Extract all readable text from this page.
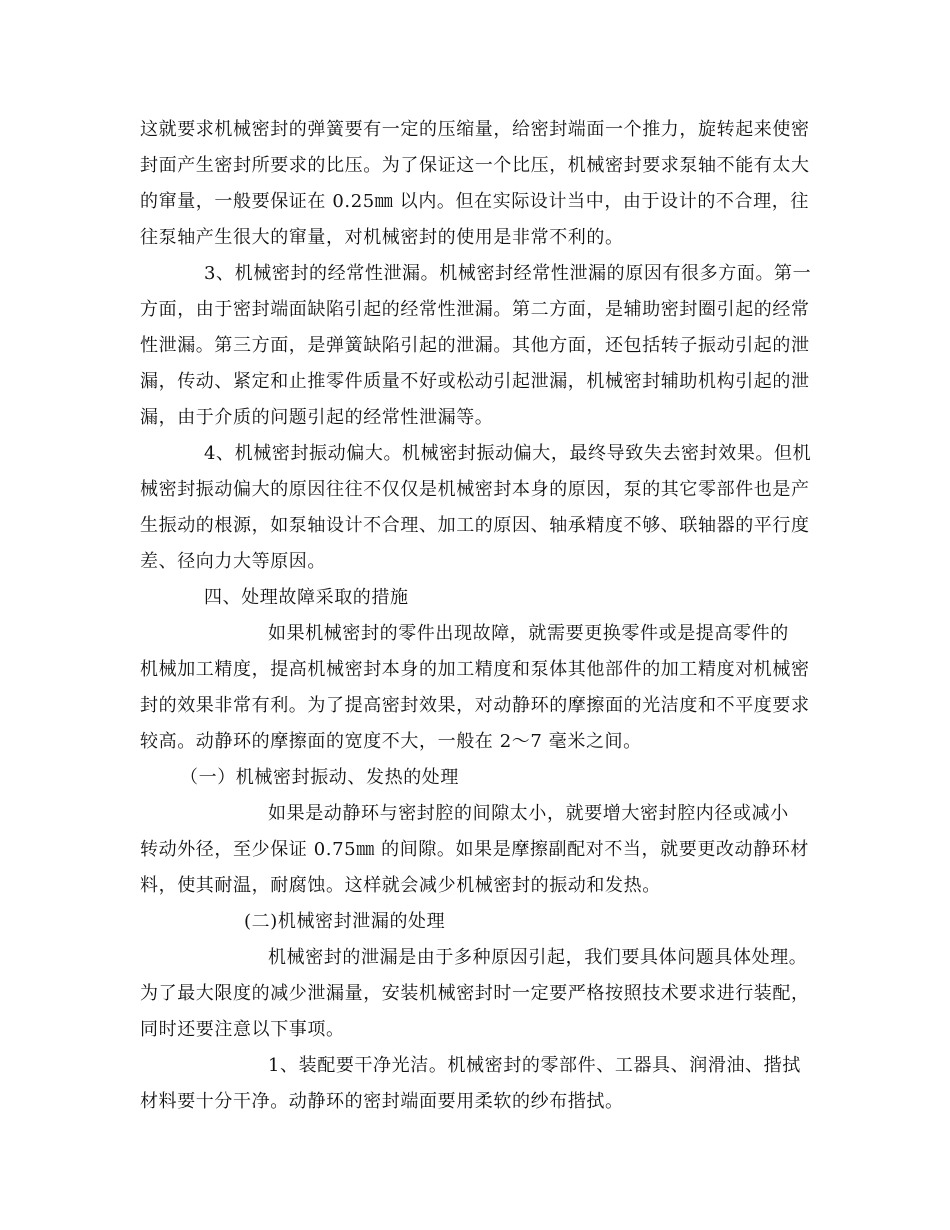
这就要求机械密封的弹簧要有一定的压缩量，给密封端面一个推力，旋转起来使密
封面产生密封所要求的比压。为了保证这一个比压，机械密封要求泵轴不能有太大
的窜量，一般要保证在 0.25㎜ 以内。但在实际设计当中，由于设计的不合理，往
往泵轴产生很大的窜量，对机械密封的使用是非常不利的。
3、机械密封的经常性泄漏。机械密封经常性泄漏的原因有很多方面。第一
方面，由于密封端面缺陷引起的经常性泄漏。第二方面，是辅助密封圈引起的经常
性泄漏。第三方面，是弹簧缺陷引起的泄漏。其他方面，还包括转子振动引起的泄
漏，传动、紧定和止推零件质量不好或松动引起泄漏，机械密封辅助机构引起的泄
漏，由于介质的问题引起的经常性泄漏等。
4、机械密封振动偏大。机械密封振动偏大，最终导致失去密封效果。但机
械密封振动偏大的原因往往不仅仅是机械密封本身的原因，泵的其它零部件也是产
生振动的根源，如泵轴设计不合理、加工的原因、轴承精度不够、联轴器的平行度
差、径向力大等原因。
四、处理故障采取的措施
如果机械密封的零件出现故障，就需要更换零件或是提高零件的
机械加工精度，提高机械密封本身的加工精度和泵体其他部件的加工精度对机械密
封的效果非常有利。为了提高密封效果，对动静环的摩擦面的光洁度和不平度要求
较高。动静环的摩擦面的宽度不大，一般在 2～7 毫米之间。
（一）机械密封振动、发热的处理
如果是动静环与密封腔的间隙太小，就要增大密封腔内径或减小
转动外径，至少保证 0.75㎜ 的间隙。如果是摩擦副配对不当，就要更改动静环材
料，使其耐温，耐腐蚀。这样就会减少机械密封的振动和发热。
(二)机械密封泄漏的处理
机械密封的泄漏是由于多种原因引起，我们要具体问题具体处理。
为了最大限度的减少泄漏量，安装机械密封时一定要严格按照技术要求进行装配，
同时还要注意以下事项。
1、装配要干净光洁。机械密封的零部件、工器具、润滑油、揩拭
材料要十分干净。动静环的密封端面要用柔软的纱布揩拭。
